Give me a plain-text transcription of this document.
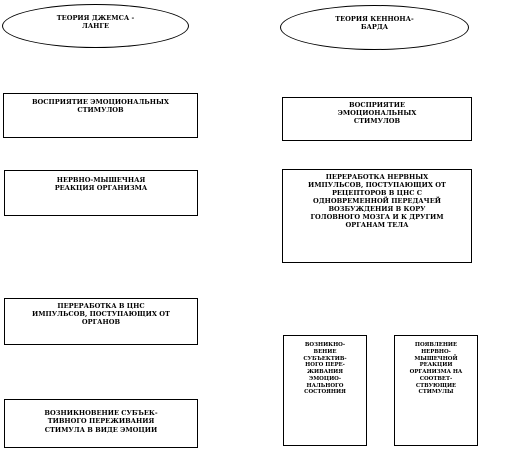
ТЕОРИЯ ДЖЕМСА -
ЛАНГЕ
ТЕОРИЯ КЕННОНА-
БАРДА
ВОСПРИЯТИЕ ЭМОЦИОНАЛЬНЫХ
СТИМУЛОВ
НЕРВНО-МЫШЕЧНАЯ
РЕАКЦИЯ ОРГАНИЗМА
ПЕРЕРАБОТКА В ЦНС
ИМПУЛЬСОВ, ПОСТУПАЮЩИХ ОТ
ОРГАНОВ
ВОЗНИКНОВЕНИЕ СУБЪЕК-
ТИВНОГО ПЕРЕЖИВАНИЯ
СТИМУЛА В ВИДЕ ЭМОЦИИ
ВОСПРИЯТИЕ
ЭМОЦИОНАЛЬНЫХ
СТИМУЛОВ
ПЕРЕРАБОТКА НЕРВНЫХ
ИМПУЛЬСОВ, ПОСТУПАЮЩИХ ОТ
РЕЦЕПТОРОВ В ЦНС С
ОДНОВРЕМЕННОЙ ПЕРЕДАЧЕЙ
ВОЗБУЖДЕНИЯ В КОРУ
ГОЛОВНОГО МОЗГА И К ДРУГИМ
ОРГАНАМ ТЕЛА
ВОЗНИКНО-
ВЕНИЕ
СУБЪЕКТИВ-
НОГО ПЕРЕ-
ЖИВАНИЯ
ЭМОЦИО-
НАЛЬНОГО
СОСТОЯНИЯ
ПОЯВЛЕНИЕ
НЕРВНО-
МЫШЕЧНОЙ
РЕАКЦИИ
ОРГАНИЗМА НА
СООТВЕТ-
СТВУЮЩИЕ
СТИМУЛЫ
